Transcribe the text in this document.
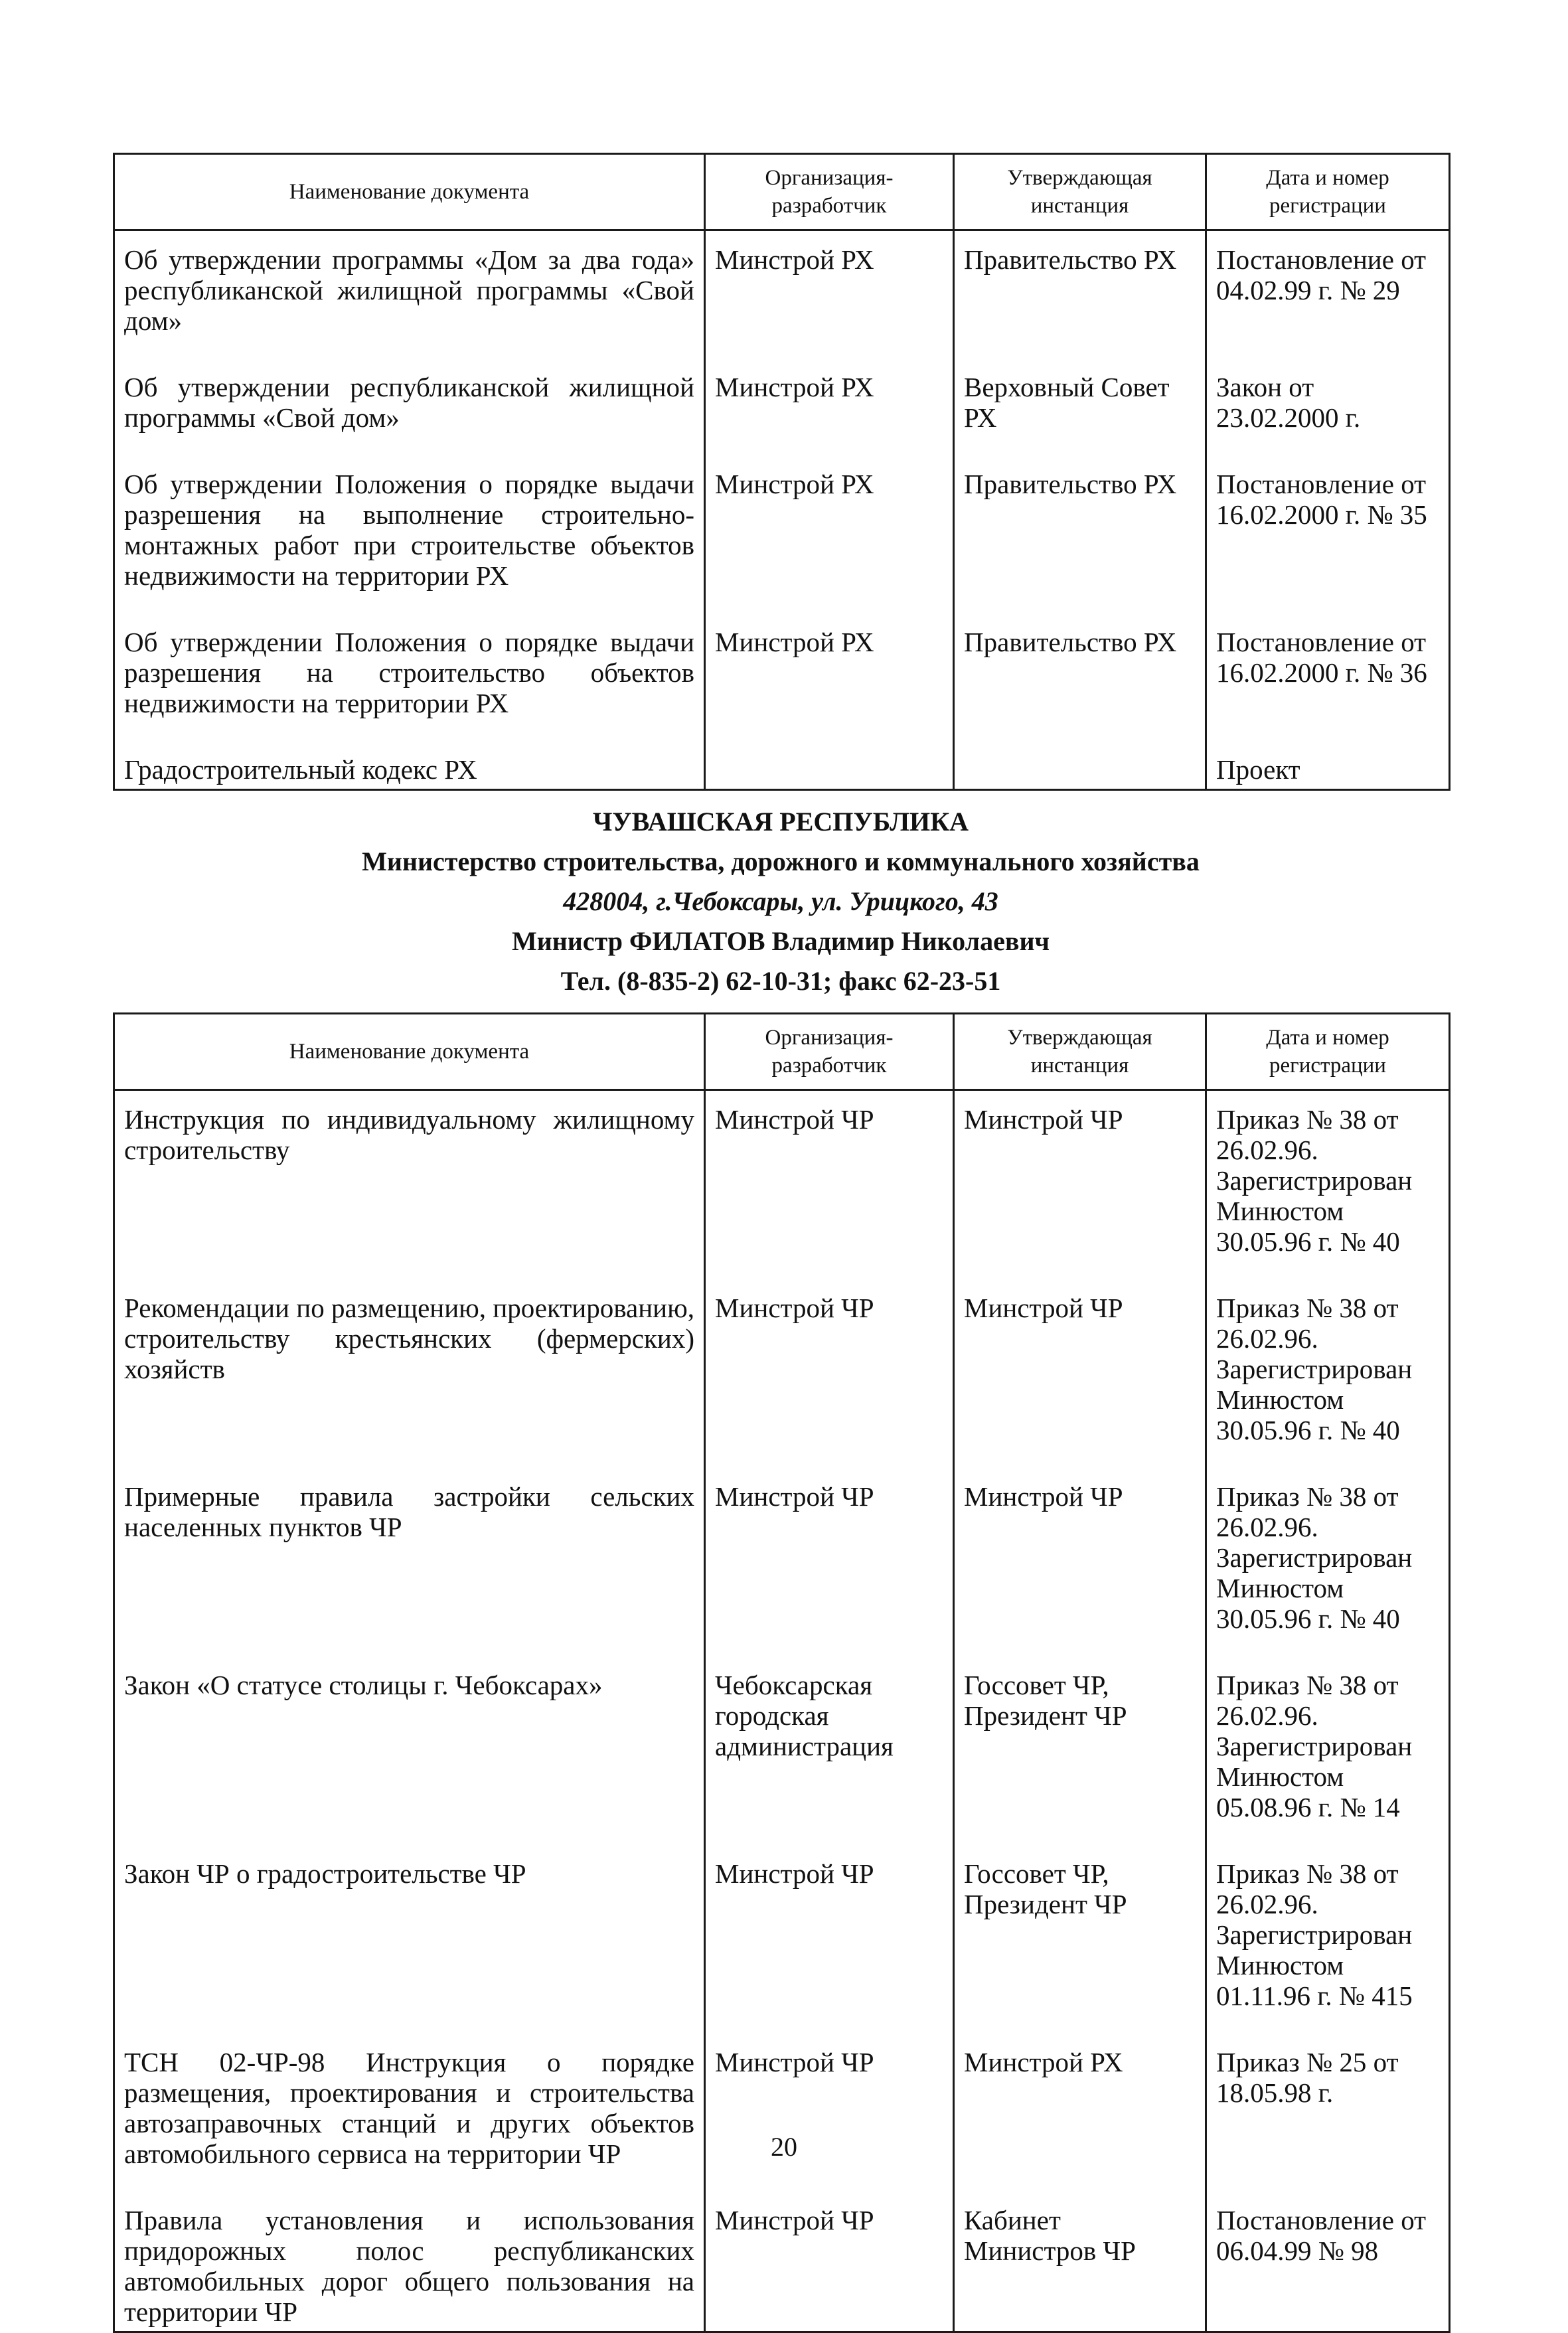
Наименование документа	Организация-разработчик	Утверждающая инстанция	Дата и номер регистрации
Об утверждении программы «Дом за два года» республиканской жилищной программы «Свой дом»	Минстрой РХ	Правительство РХ	Постановление от 04.02.99 г. № 29
Об утверждении республиканской жилищной программы «Свой дом»	Минстрой РХ	Верховный Совет РХ	Закон от 23.02.2000 г.
Об утверждении Положения о порядке выдачи разрешения на выполнение строительно-монтажных работ при строительстве объектов недвижимости на территории РХ	Минстрой РХ	Правительство РХ	Постановление от 16.02.2000 г. № 35
Об утверждении Положения о порядке выдачи разрешения на строительство объектов недвижимости на территории РХ	Минстрой РХ	Правительство РХ	Постановление от 16.02.2000 г. № 36
Градостроительный кодекс РХ			Проект
ЧУВАШСКАЯ РЕСПУБЛИКА
Министерство строительства, дорожного и коммунального хозяйства
428004, г.Чебоксары, ул. Урицкого, 43
Министр ФИЛАТОВ Владимир Николаевич
Тел. (8-835-2) 62-10-31; факс 62-23-51
Наименование документа	Организация-разработчик	Утверждающая инстанция	Дата и номер регистрации
Инструкция по индивидуальному жилищному строительству	Минстрой ЧР	Минстрой ЧР	Приказ № 38 от 26.02.96. Зарегистрирован Минюстом 30.05.96 г. № 40
Рекомендации по размещению, проектированию, строительству крестьянских (фермерских) хозяйств	Минстрой ЧР	Минстрой ЧР	Приказ № 38 от 26.02.96. Зарегистрирован Минюстом 30.05.96 г. № 40
Примерные правила застройки сельских населенных пунктов ЧР	Минстрой ЧР	Минстрой ЧР	Приказ № 38 от 26.02.96. Зарегистрирован Минюстом 30.05.96 г. № 40
Закон «О статусе столицы г. Чебоксарах»	Чебоксарская городская администрация	Госсовет ЧР, Президент ЧР	Приказ № 38 от 26.02.96. Зарегистрирован Минюстом 05.08.96 г. № 14
Закон ЧР о градостроительстве ЧР	Минстрой ЧР	Госсовет ЧР, Президент ЧР	Приказ № 38 от 26.02.96. Зарегистрирован Минюстом 01.11.96 г. № 415
ТСН 02-ЧР-98 Инструкция о порядке размещения, проектирования и строительства автозаправочных станций и других объектов автомобильного сервиса на территории ЧР	Минстрой ЧР	Минстрой РХ	Приказ № 25 от 18.05.98 г.
Правила установления и использования придорожных полос республиканских автомобильных дорог общего пользования на территории ЧР	Минстрой ЧР	Кабинет Министров ЧР	Постановление от 06.04.99 № 98
20
